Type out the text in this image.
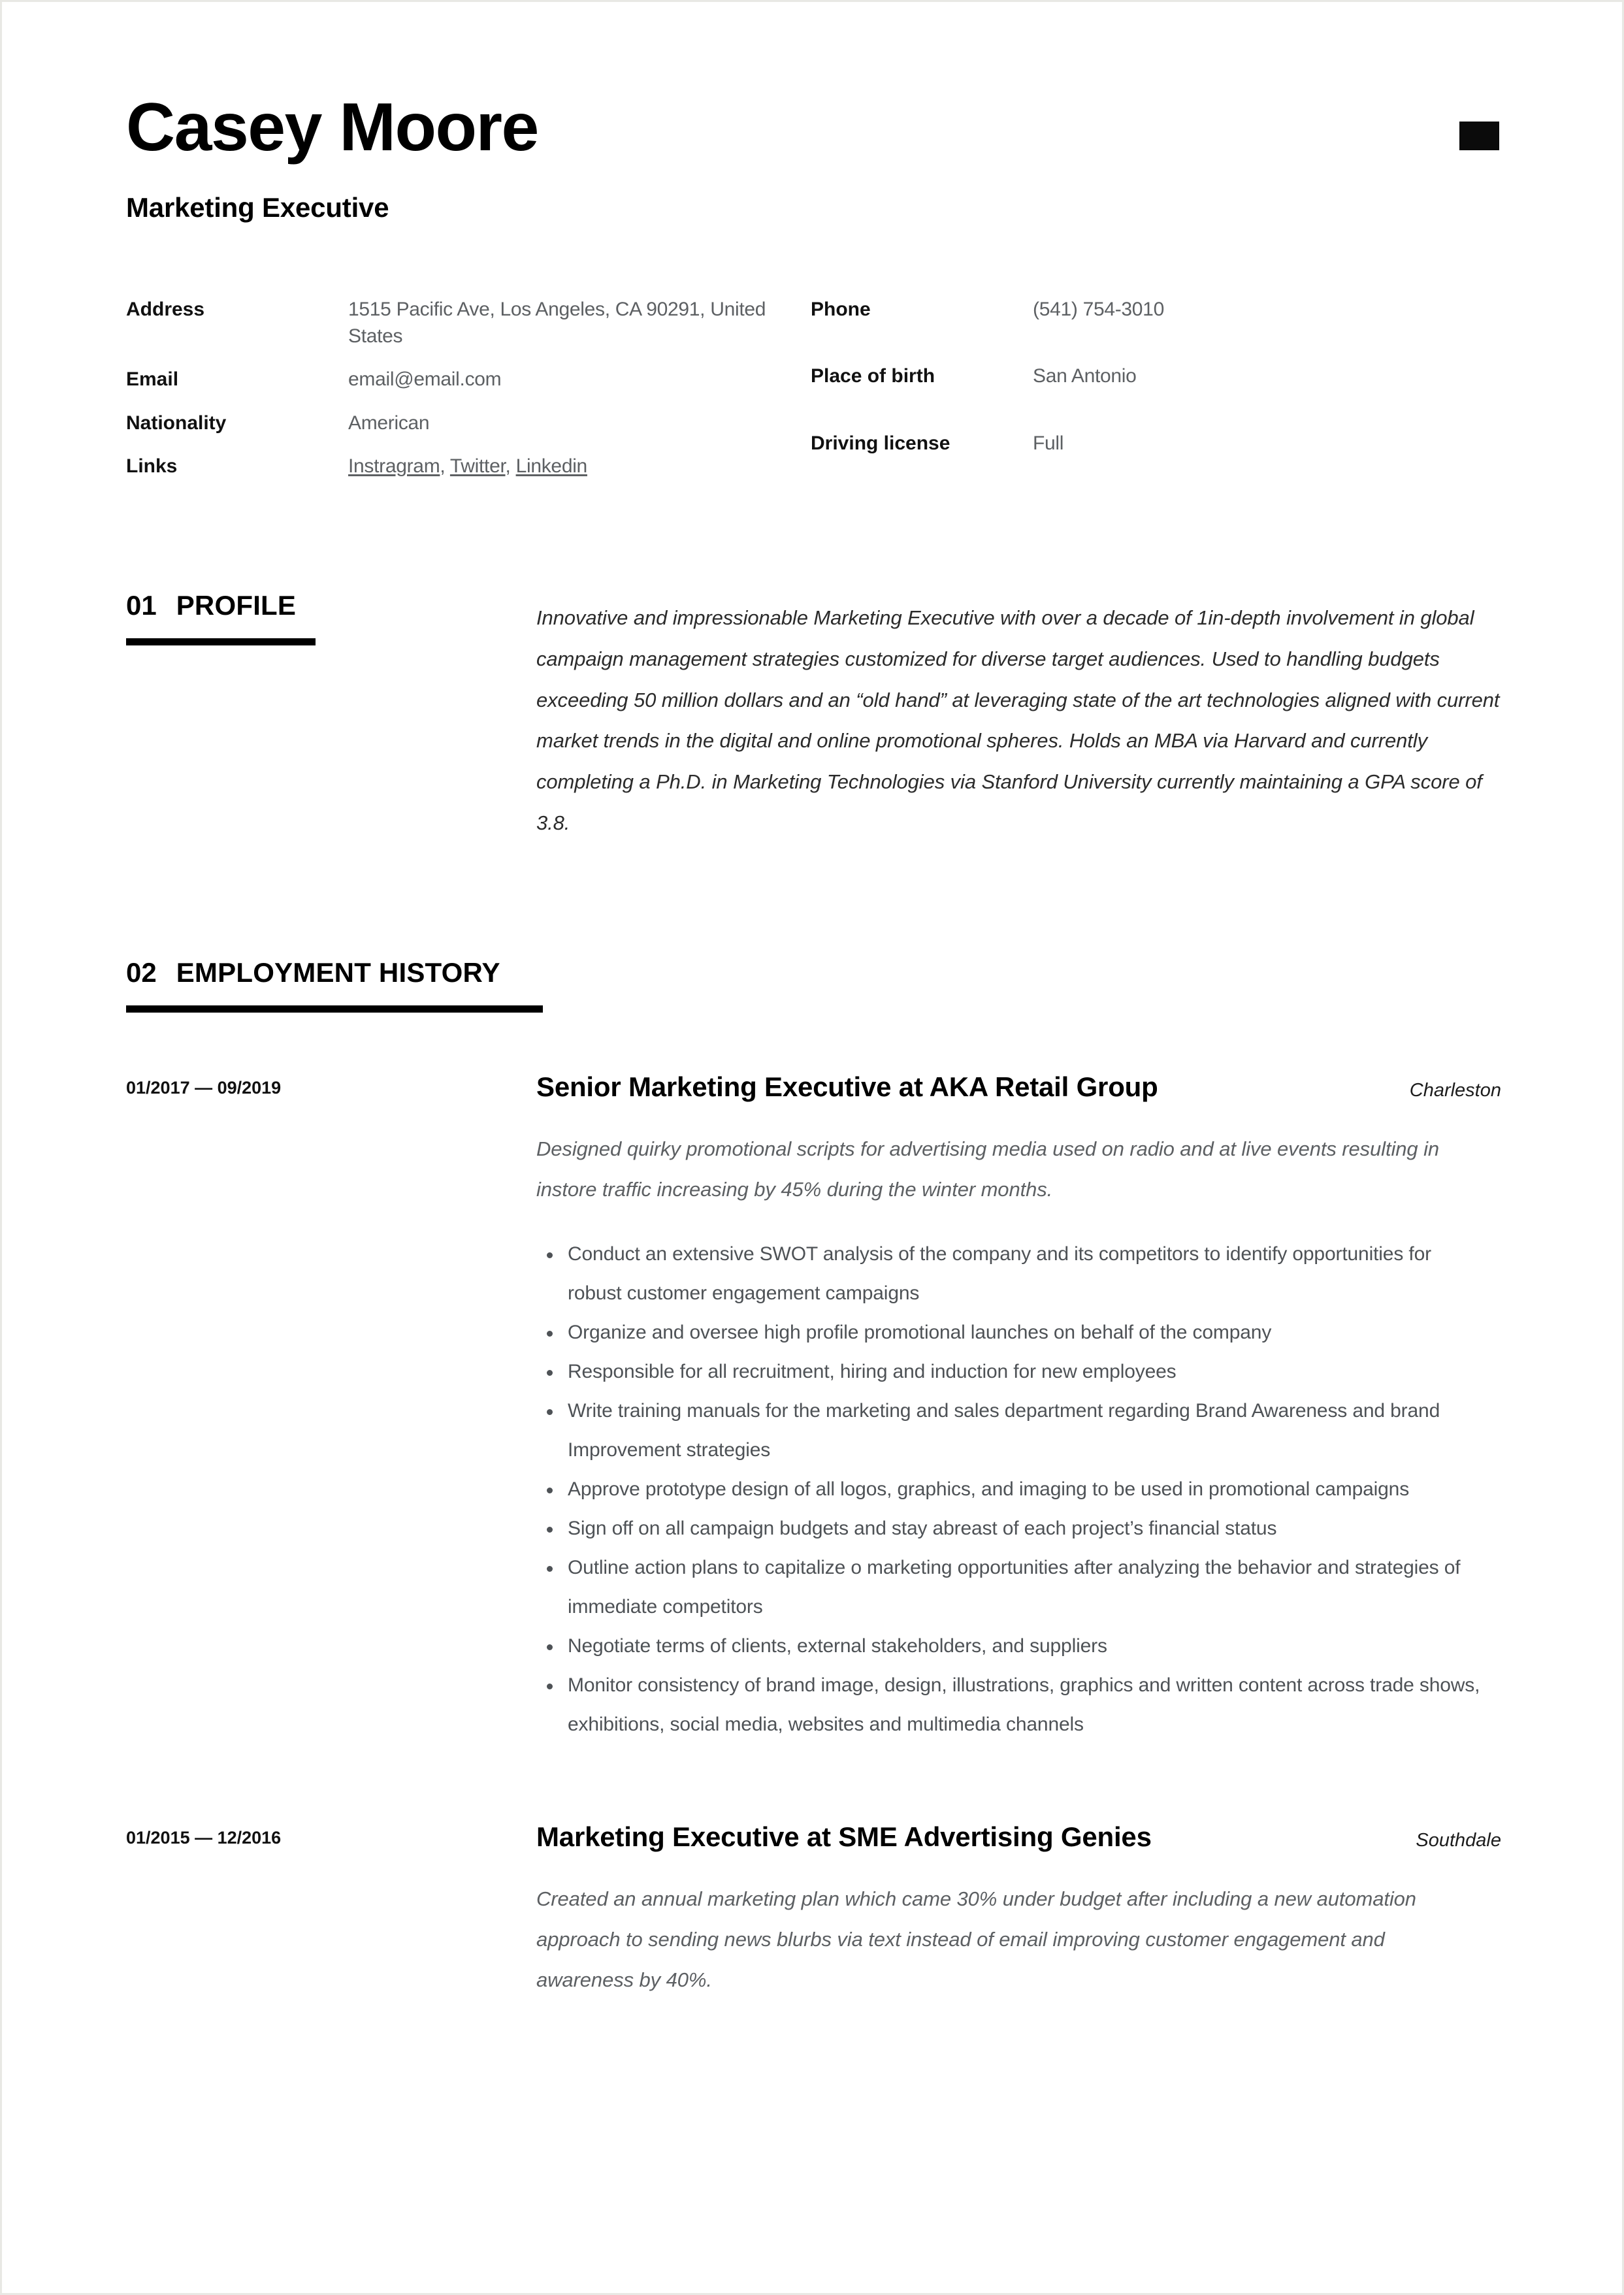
Casey Moore
Marketing Executive
Address	1515 Pacific Ave, Los Angeles, CA 90291, United States
Email	email@email.com
Nationality	American
Links	Instragram, Twitter, Linkedin
Phone	(541) 754-3010
Place of birth	San Antonio
Driving license	Full
01 PROFILE	Innovative and impressionable Marketing Executive with over a decade of 1in-depth involvement in global campaign management strategies customized for diverse target audiences. Used to handling budgets exceeding 50 million dollars and an “old hand” at leveraging state of the art technologies aligned with current market trends in the digital and online promotional spheres. Holds an MBA via Harvard and currently completing a Ph.D. in Marketing Technologies via Stanford University currently maintaining a GPA score of 3.8.

02 EMPLOYMENT HISTORY
01/2017 — 09/2019	Senior Marketing Executive at AKA Retail Group	Charleston

Designed quirky promotional scripts for advertising media used on radio and at live events resulting in instore traffic increasing by 45% during the winter months.

Conduct an extensive SWOT analysis of the company and its competitors to identify opportunities for robust customer engagement campaigns
Organize and oversee high profile promotional launches on behalf of the company
Responsible for all recruitment, hiring and induction for new employees
Write training manuals for the marketing and sales department regarding Brand Awareness and brand Improvement strategies
Approve prototype design of all logos, graphics, and imaging to be used in promotional campaigns
Sign off on all campaign budgets and stay abreast of each project’s financial status
Outline action plans to capitalize o marketing opportunities after analyzing the behavior and strategies of immediate competitors
Negotiate terms of clients, external stakeholders, and suppliers
Monitor consistency of brand image, design, illustrations, graphics and written content across trade shows, exhibitions, social media, websites and multimedia channels
01/2015 — 12/2016	Marketing Executive at SME Advertising Genies	Southdale

Created an annual marketing plan which came 30% under budget after including a new automation approach to sending news blurbs via text instead of email improving customer engagement and awareness by 40%.
